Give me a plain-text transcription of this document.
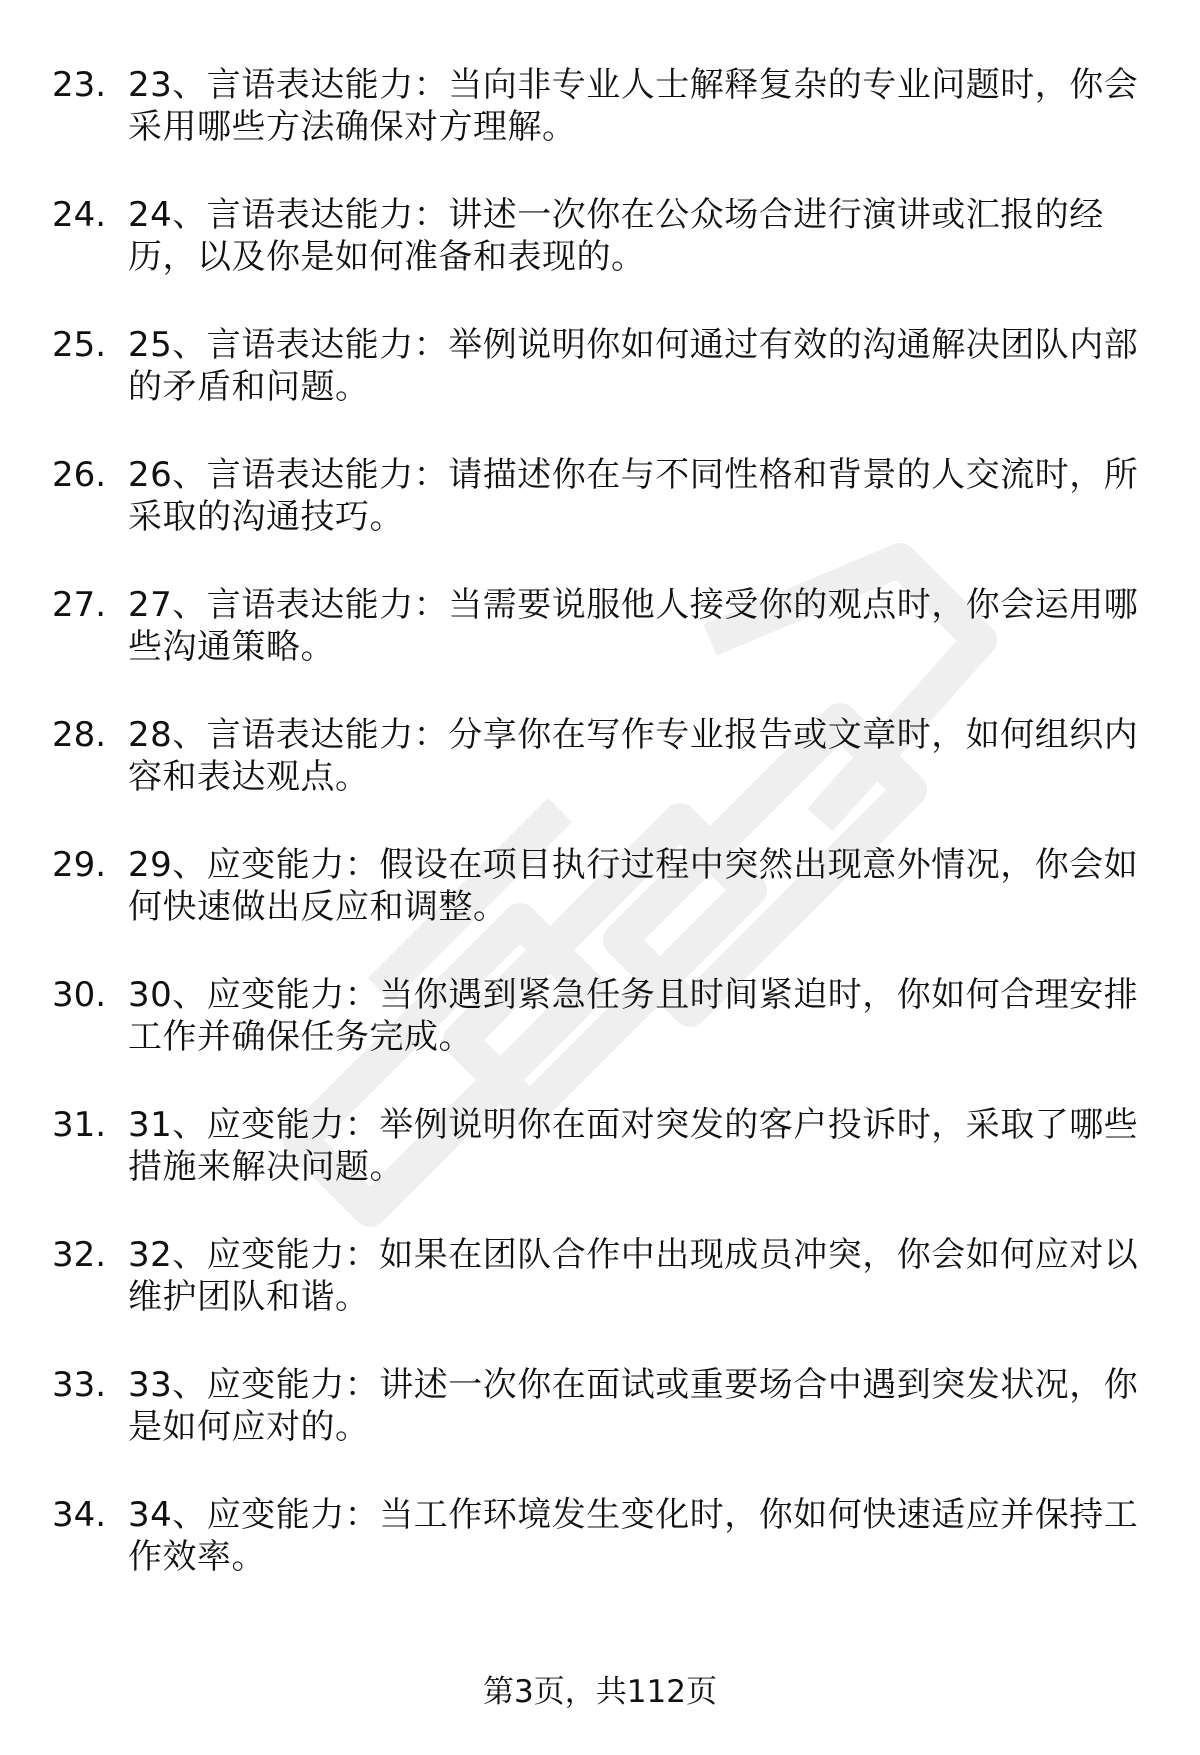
23. 23、言语表达能力：当向非专业人士解释复杂的专业问题时，你会采用哪些方法确保对方理解。
24. 24、言语表达能力：讲述一次你在公众场合进行演讲或汇报的经历，以及你是如何准备和表现的。
25. 25、言语表达能力：举例说明你如何通过有效的沟通解决团队内部的矛盾和问题。
26. 26、言语表达能力：请描述你在与不同性格和背景的人交流时，所采取的沟通技巧。
27. 27、言语表达能力：当需要说服他人接受你的观点时，你会运用哪些沟通策略。
28. 28、言语表达能力：分享你在写作专业报告或文章时，如何组织内容和表达观点。
29. 29、应变能力：假设在项目执行过程中突然出现意外情况，你会如何快速做出反应和调整。
30. 30、应变能力：当你遇到紧急任务且时间紧迫时，你如何合理安排工作并确保任务完成。
31. 31、应变能力：举例说明你在面对突发的客户投诉时，采取了哪些措施来解决问题。
32. 32、应变能力：如果在团队合作中出现成员冲突，你会如何应对以维护团队和谐。
33. 33、应变能力：讲述一次你在面试或重要场合中遇到突发状况，你是如何应对的。
34. 34、应变能力：当工作环境发生变化时，你如何快速适应并保持工作效率。
第3页，共112页
